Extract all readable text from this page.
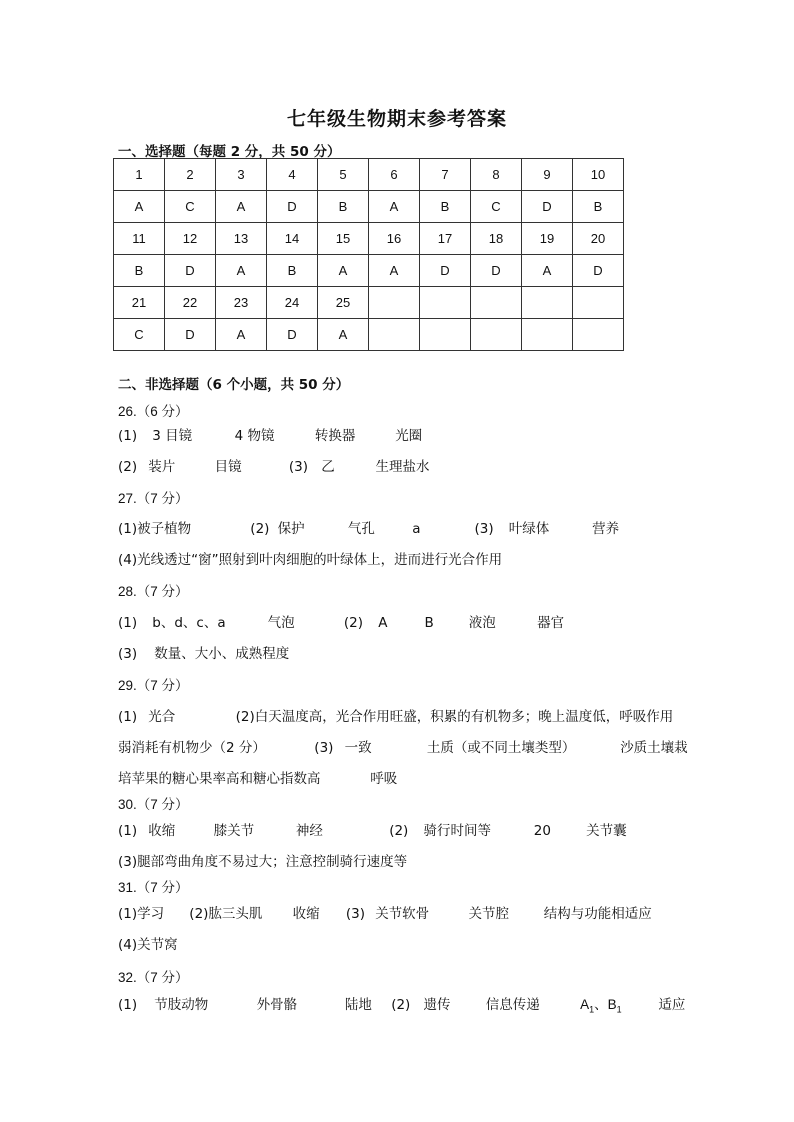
七年级生物期末参考答案
一、选择题（每题 2 分，共 50 分）
1	2	3	4	5	6	7	8	9	10
A	C	A	D	B	A	B	C	D	B
11	12	13	14	15	16	17	18	19	20
B	D	A	B	A	A	D	D	A	D
21	22	23	24	25					
C	D	A	D	A					
二、非选择题（6 个小题，共 50 分）
26.（6 分）
(1) 3 目镜	4 物镜	转换器	光圈
(2) 装片	目镜	(3) 乙	生理盐水
27.（7 分）
(1)被子植物	(2) 保护	气孔	a	(3) 叶绿体	营养
(4)光线透过“窗”照射到叶肉细胞的叶绿体上，进而进行光合作用
28.（7 分）
(1) b、d、c、a	气泡	(2) A	B	液泡	器官
(3) 数量、大小、成熟程度
29.（7 分）
(1) 光合	(2)白天温度高，光合作用旺盛，积累的有机物多；晚上温度低，呼吸作用
弱消耗有机物少（2 分）	(3) 一致	土质（或不同土壤类型）	沙质土壤栽
培苹果的糖心果率高和糖心指数高	呼吸
30.（7 分）
(1) 收缩	膝关节	神经	(2) 骑行时间等	20	关节囊
(3)腿部弯曲角度不易过大；注意控制骑行速度等
31.（7 分）
(1)学习 (2)肱三头肌 收缩 (3) 关节软骨	关节腔	结构与功能相适应
(4)关节窝
32.（7 分）
(1) 节肢动物	外骨骼	陆地 (2) 遗传	信息传递	$A_1$、$B_1$	适应
